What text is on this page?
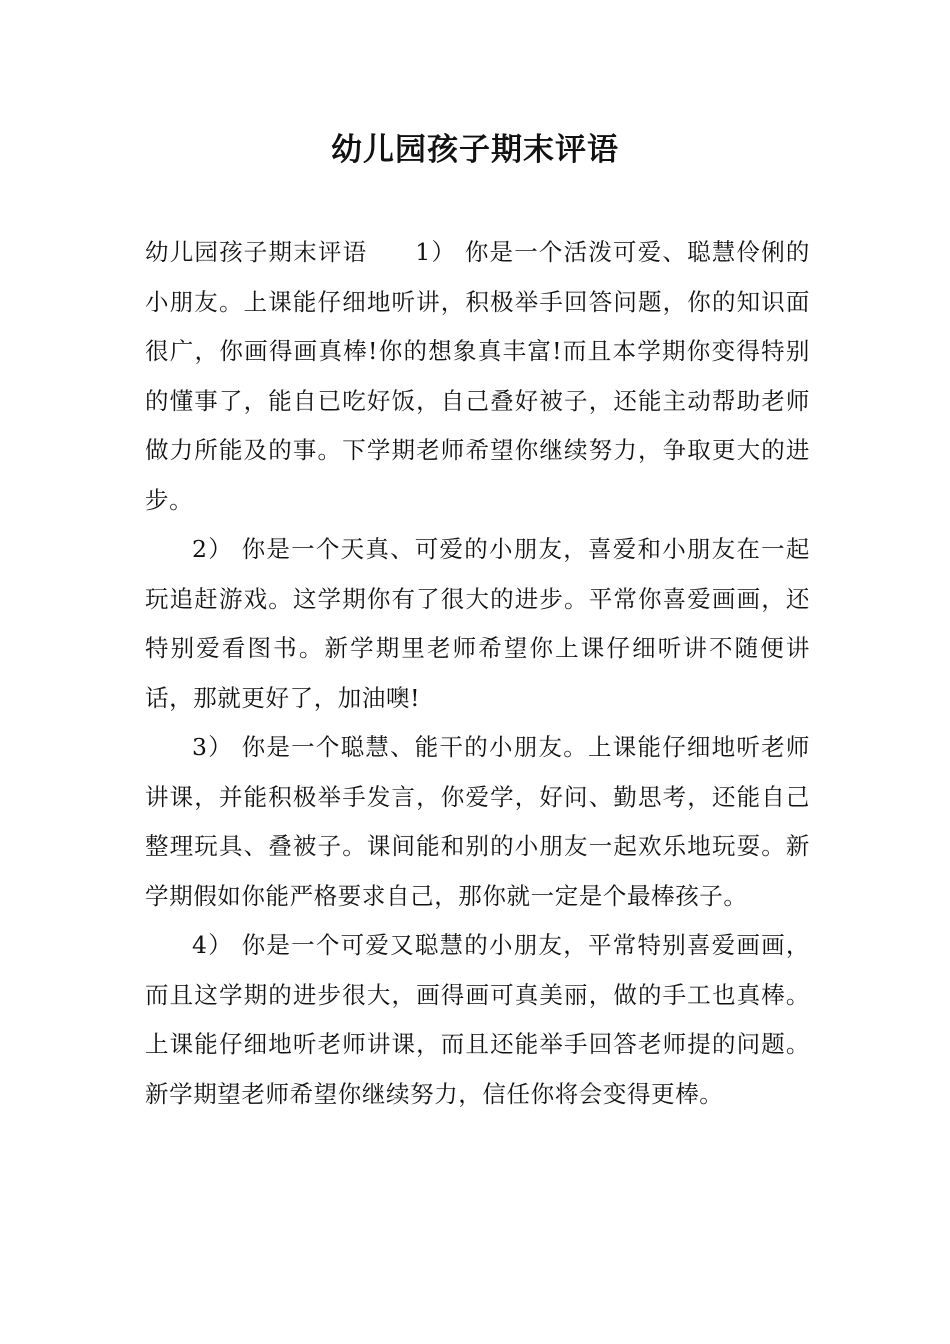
幼儿园孩子期末评语

幼儿园孩子期末评语 1） 你是一个活泼可爱、聪慧伶俐的小朋友。上课能仔细地听讲，积极举手回答问题，你的知识面很广，你画得画真棒!你的想象真丰富!而且本学期你变得特别的懂事了，能自已吃好饭，自己叠好被子，还能主动帮助老师做力所能及的事。下学期老师希望你继续努力，争取更大的进步。

2） 你是一个天真、可爱的小朋友，喜爱和小朋友在一起玩追赶游戏。这学期你有了很大的进步。平常你喜爱画画，还特别爱看图书。新学期里老师希望你上课仔细听讲不随便讲话，那就更好了，加油噢!

3） 你是一个聪慧、能干的小朋友。上课能仔细地听老师讲课，并能积极举手发言，你爱学，好问、勤思考，还能自己整理玩具、叠被子。课间能和别的小朋友一起欢乐地玩耍。新学期假如你能严格要求自己，那你就一定是个最棒孩子。

4） 你是一个可爱又聪慧的小朋友，平常特别喜爱画画，而且这学期的进步很大，画得画可真美丽，做的手工也真棒。上课能仔细地听老师讲课，而且还能举手回答老师提的问题。新学期望老师希望你继续努力，信任你将会变得更棒。
